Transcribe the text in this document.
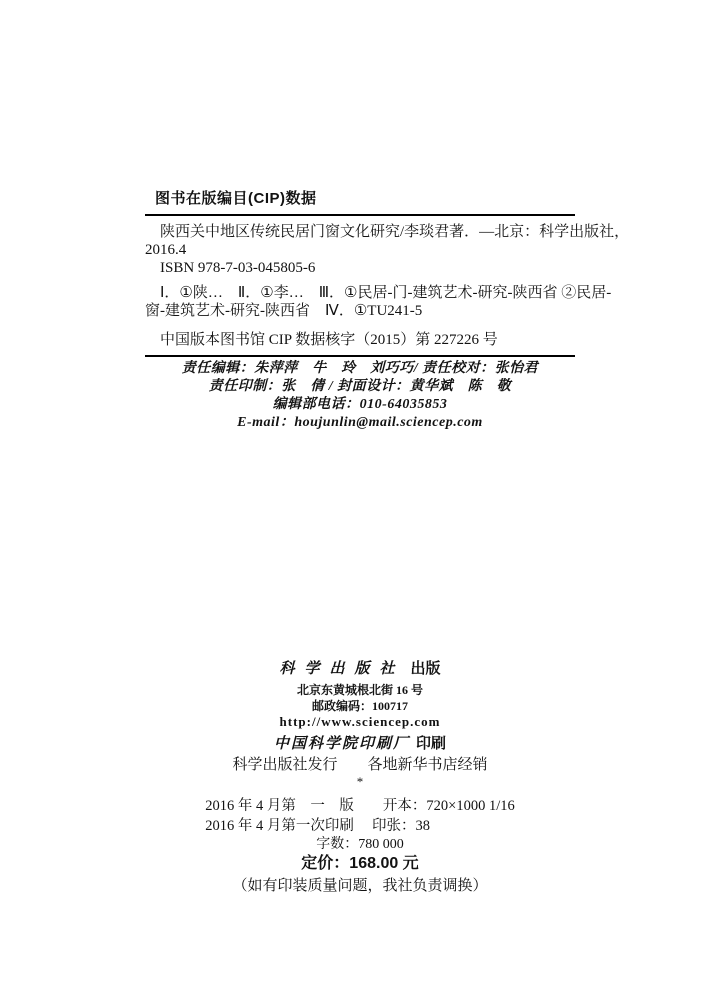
图书在版编目(CIP)数据
陕西关中地区传统民居门窗文化研究/李琰君著．—北京：科学出版社，
2016.4
ISBN 978-7-03-045805-6
Ⅰ．①陕…　Ⅱ．①李…　Ⅲ．①民居-门-建筑艺术-研究-陕西省 ②民居-
窗-建筑艺术-研究-陕西省　Ⅳ．①TU241-5
中国版本图书馆 CIP 数据核字（2015）第 227226 号
责任编辑：朱萍萍　牛　玲　刘巧巧/ 责任校对：张怡君
责任印制：张　倩 / 封面设计：黄华斌　陈　敬
编辑部电话：010-64035853
E-mail：houjunlin@mail.sciencep.com
科学出版社 出版
北京东黄城根北街 16 号
邮政编码：100717
http://www.sciencep.com
中国科学院印刷厂 印刷
科学出版社发行　　各地新华书店经销
*
2016 年 4 月第　一　版　　开本：720×1000 1/16
2016 年 4 月第一次印刷　 印张：38
字数：780 000
定价：168.00 元
（如有印装质量问题，我社负责调换）
